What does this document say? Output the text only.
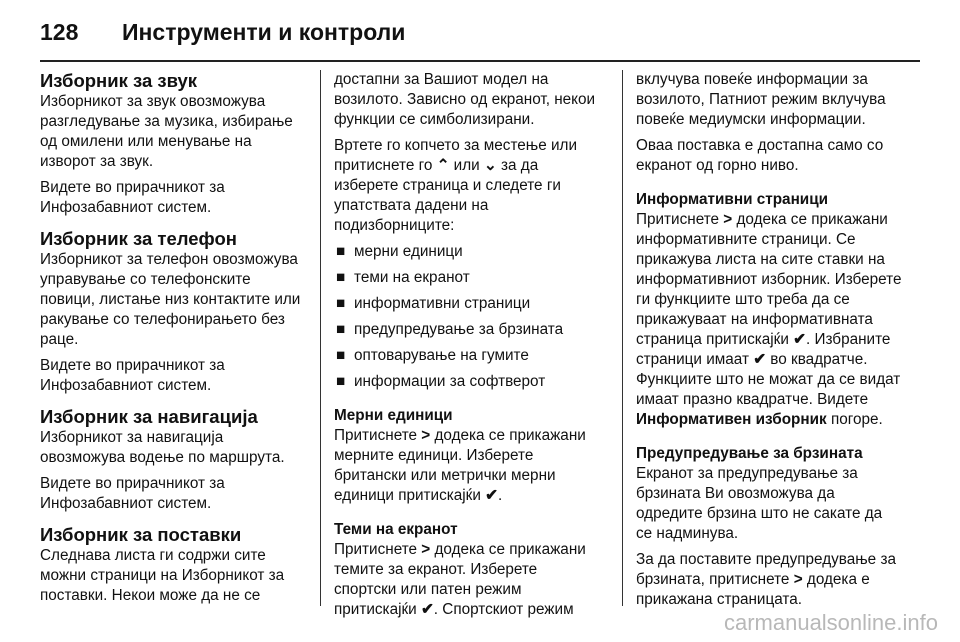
128	Инструменти и контроли
Изборник за звук

Изборникот за звук овозможува разгледување за музика, избирање од омилени или менување на изворот за звук.

Видете во прирачникот за Инфозабавниот систем.

Изборник за телефон

Изборникот за телефон овозможува управување со телефонските повици, листање низ контактите или ракување со телефонирањето без раце.

Видете во прирачникот за Инфозабавниот систем.

Изборник за навигација

Изборникот за навигација овозможува водење по маршрута.

Видете во прирачникот за Инфозабавниот систем.

Изборник за поставки

Следнава листа ги содржи сите можни страници на Изборникот за поставки. Некои може да не се

достапни за Вашиот модел на возилото. Зависно од екранот, некои функции се симболизирани.

Вртете го копчето за местење или притиснете го ⌃ или ⌄ за да изберете страница и следете ги упатствата дадени на подизборниците:

■ мерни единици
■ теми на екранот
■ информативни страници
■ предупредување за брзината
■ оптоварување на гумите
■ информации за софтверот
Мерни единици

Притиснете > додека се прикажани мерните единици. Изберете британски или метрички мерни единици притискајќи ✔.

Теми на екранот

Притиснете > додека се прикажани темите за екранот. Изберете спортски или патен режим притискајќи ✔. Спортскиот режим

вклучува повеќе информации за возилото, Патниот режим вклучува повеќе медиумски информации.

Оваа поставка е достапна само со екранот од горно ниво.

Информативни страници

Притиснете > додека се прикажани информативните страници. Се прикажува листа на сите ставки на информативниот изборник. Изберете ги функциите што треба да се прикажуваат на информативната страница притискајќи ✔. Избраните страници имаат ✔ во квадратче. Функциите што не можат да се видат имаат празно квадратче. Видете Информативен изборник погоре.

Предупредување за брзината

Екранот за предупредување за брзината Ви овозможува да одредите брзина што не сакате да се надминува.

За да поставите предупредување за брзината, притиснете > додека е прикажана страницата.

carmanualsonline.info
